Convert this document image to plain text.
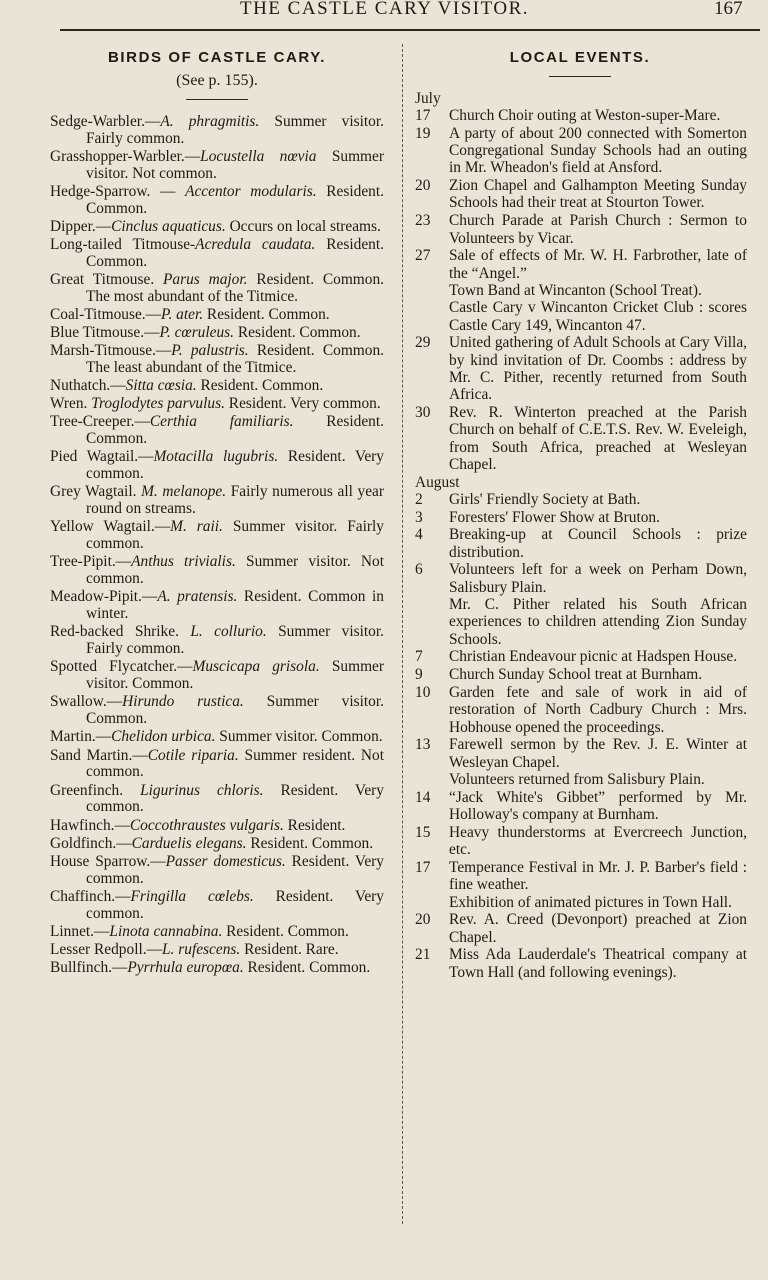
THE CASTLE CARY VISITOR.	167
BIRDS OF CASTLE CARY.

(See p. 155).

Sedge-Warbler.—A. phragmitis. Summer visitor. Fairly common.
Grasshopper-Warbler.—Locustella nœvia Summer visitor. Not common.
Hedge-Sparrow. — Accentor modularis. Resident. Common.
Dipper.—Cinclus aquaticus. Occurs on local streams.
Long-tailed Titmouse-Acredula caudata. Resident. Common.
Great Titmouse. Parus major. Resident. Common. The most abundant of the Titmice.
Coal-Titmouse.—P. ater. Resident. Common.
Blue Titmouse.—P. cœruleus. Resident. Common.
Marsh-Titmouse.—P. palustris. Resident. Common. The least abundant of the Titmice.
Nuthatch.—Sitta cœsia. Resident. Common.
Wren. Troglodytes parvulus. Resident. Very common.
Tree-Creeper.—Certhia familiaris. Resident. Common.
Pied Wagtail.—Motacilla lugubris. Resident. Very common.
Grey Wagtail. M. melanope. Fairly numerous all year round on streams.
Yellow Wagtail.—M. raii. Summer visitor. Fairly common.
Tree-Pipit.—Anthus trivialis. Summer visitor. Not common.
Meadow-Pipit.—A. pratensis. Resident. Common in winter.
Red-backed Shrike. L. collurio. Summer visitor. Fairly common.
Spotted Flycatcher.—Muscicapa grisola. Summer visitor. Common.
Swallow.—Hirundo rustica. Summer visitor. Common.
Martin.—Chelidon urbica. Summer visitor. Common.
Sand Martin.—Cotile riparia. Summer resident. Not common.
Greenfinch. Ligurinus chloris. Resident. Very common.
Hawfinch.—Coccothraustes vulgaris. Resident.
Goldfinch.—Carduelis elegans. Resident. Common.
House Sparrow.—Passer domesticus. Resident. Very common.
Chaffinch.—Fringilla cœlebs. Resident. Very common.
Linnet.—Linota cannabina. Resident. Common.
Lesser Redpoll.—L. rufescens. Resident. Rare.
Bullfinch.—Pyrrhula europœa. Resident. Common.
LOCAL EVENTS.
July
17	Church Choir outing at Weston-super-Mare.
19	A party of about 200 connected with Somerton Congregational Sunday Schools had an outing in Mr. Wheadon's field at Ansford.
20	Zion Chapel and Galhampton Meeting Sunday Schools had their treat at Stourton Tower.
23	Church Parade at Parish Church : Sermon to Volunteers by Vicar.
27	Sale of effects of Mr. W. H. Farbrother, late of the “Angel.”
Town Band at Wincanton (School Treat).
Castle Cary v Wincanton Cricket Club : scores Castle Cary 149, Wincanton 47.
29	United gathering of Adult Schools at Cary Villa, by kind invitation of Dr. Coombs : address by Mr. C. Pither, recently returned from South Africa.
30	Rev. R. Winterton preached at the Parish Church on behalf of C.E.T.S. Rev. W. Eveleigh, from South Africa, preached at Wesleyan Chapel.
August
2	Girls' Friendly Society at Bath.
3	Foresters' Flower Show at Bruton.
4	Breaking-up at Council Schools : prize distribution.
6	Volunteers left for a week on Perham Down, Salisbury Plain.
Mr. C. Pither related his South African experiences to children attending Zion Sunday Schools.
7	Christian Endeavour picnic at Hadspen House.
9	Church Sunday School treat at Burnham.
10	Garden fete and sale of work in aid of restoration of North Cadbury Church : Mrs. Hobhouse opened the proceedings.
13	Farewell sermon by the Rev. J. E. Winter at Wesleyan Chapel.
Volunteers returned from Salisbury Plain.
14	“Jack White's Gibbet” performed by Mr. Holloway's company at Burnham.
15	Heavy thunderstorms at Evercreech Junction, etc.
17	Temperance Festival in Mr. J. P. Barber's field : fine weather.
Exhibition of animated pictures in Town Hall.
20	Rev. A. Creed (Devonport) preached at Zion Chapel.
21	Miss Ada Lauderdale's Theatrical company at Town Hall (and following evenings).
